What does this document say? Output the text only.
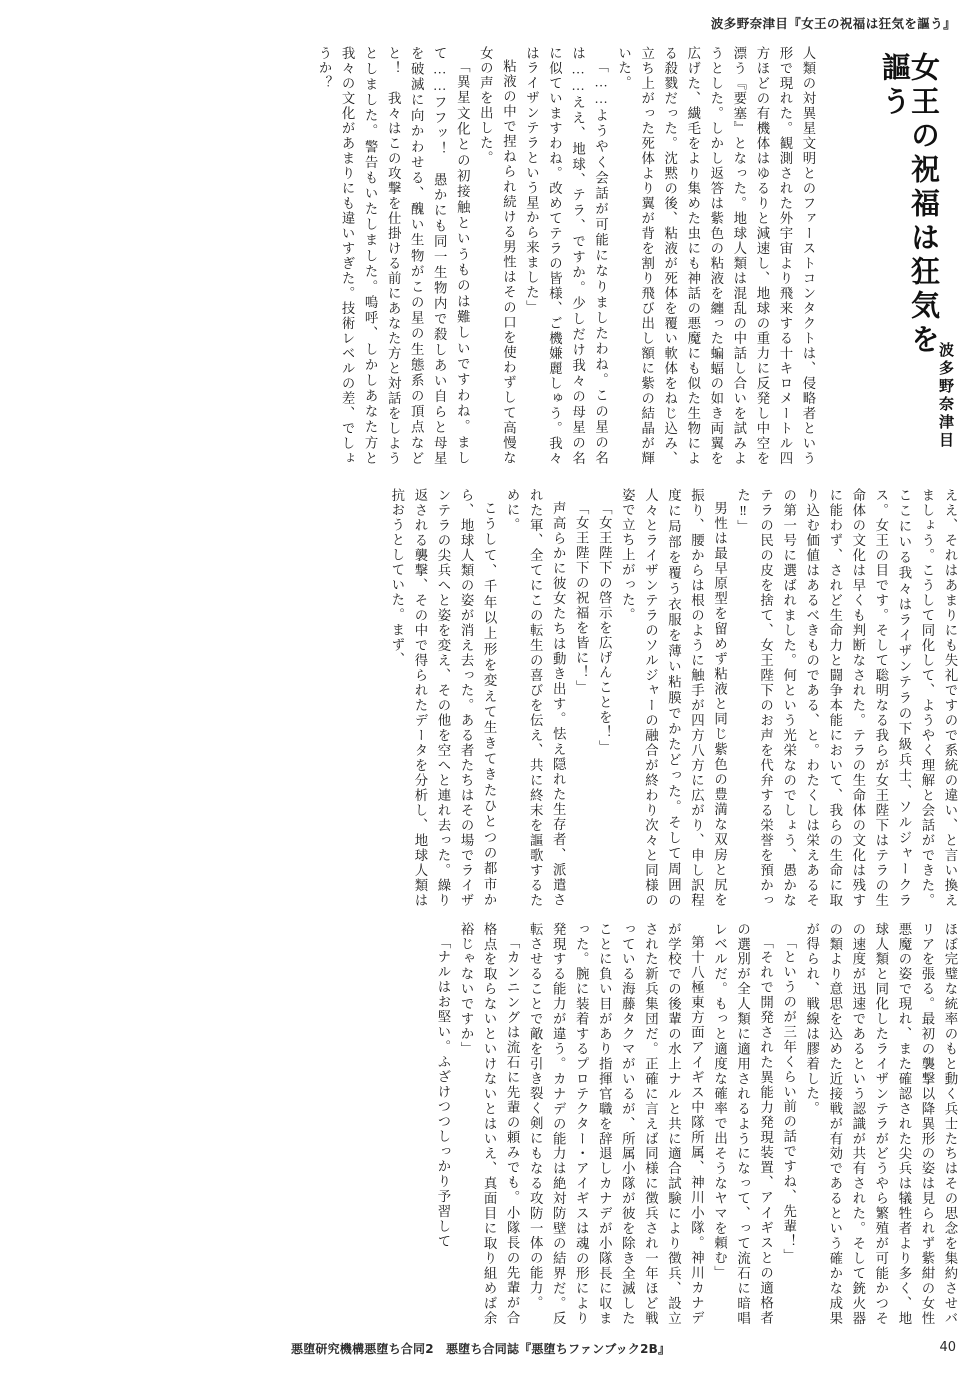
波多野奈津目『女王の祝福は狂気を謳う』
女王の祝福は狂気を謳う
波多野奈津目

人類の対異星文明とのファーストコンタクトは、侵略者という形で現れた。観測された外宇宙より飛来する十キロメートル四方ほどの有機体はゆるりと減速し、地球の重力に反発し中空を漂う『要塞』となった。地球人類は混乱の中話し合いを試みようとした。しかし返答は紫色の粘液を纏った蝙蝠の如き両翼を広げた、繊毛をより集めた虫にも神話の悪魔にも似た生物による殺戮だった。沈黙の後、粘液が死体を覆い軟体をねじ込み、立ち上がった死体より翼が背を割り飛び出し額に紫の結晶が輝いた。

「……ようやく会話が可能になりましたわね。この星の名は……ええ、地球、テラ、ですか。少しだけ我々の母星の名に似ていますわね。改めてテラの皆様、ご機嫌麗しゅう。我々はライザンテラという星から来ました」

粘液の中で捏ねられ続ける男性はその口を使わずして高慢な女の声を出した。

「異星文化との初接触というものは難しいですわね。まして……フフッ！　愚かにも同一生物内で殺しあい自らと母星を破滅に向かわせる、醜い生物がこの星の生態系の頂点などと！　我々はこの攻撃を仕掛ける前にあなた方と対話をしようとしました。警告もいたしました。嗚呼、しかしあなた方と我々の文化があまりにも違いすぎた。技術レベルの差、でしょうか？

ええ、それはあまりにも失礼ですので系統の違い、と言い換えましょう。こうして同化して、ようやく理解と会話ができた。ここにいる我々はライザンテラの下級兵士、ソルジャークラス。女王の目です。そして聡明なる我らが女王陛下はテラの生命体の文化は早くも判断なされた。テラの生命体の文化は残すに能わず、されど生命力と闘争本能において、我らの生命に取り込む価値はあるべきものである、と。わたくしは栄えあるその第一号に選ばれました。何という光栄なのでしょう、愚かなテラの民の皮を捨て、女王陛下のお声を代弁する栄誉を預かった‼」

男性は最早原型を留めず粘液と同じ紫色の豊満な双房と尻を振り、腰からは根のように触手が四方八方に広がり、申し訳程度に局部を覆う衣服を薄い粘膜でかたどった。そして周囲の人々とライザンテラのソルジャーの融合が終わり次々と同様の姿で立ち上がった。

「女王陛下の啓示を広げんことを！」

「女王陛下の祝福を皆に！」

声高らかに彼女たちは動き出す。怯え隠れた生存者、派遣された軍、全てにこの転生の喜びを伝え、共に終末を謳歌するために。

こうして、千年以上形を変えて生きてきたひとつの都市から、地球人類の姿が消え去った。ある者たちはその場でライザンテラの尖兵へと姿を変え、その他を空へと連れ去った。繰り返される襲撃、その中で得られたデータを分析し、地球人類は抗おうとしていた。まず、

ほぼ完璧な統率のもと動く兵士たちはその思念を集約させバリアを張る。最初の襲撃以降異形の姿は見られず紫紺の女性悪魔の姿で現れ、また確認された尖兵は犠牲者より多く、地球人類と同化したライザンテラがどうやら繁殖が可能かつその速度が迅速であるという認識が共有された。そして銃火器の類より意思を込めた近接戦が有効であるという確かな成果が得られ、戦線は膠着した。

「というのが三年くらい前の話ですね、先輩！」

「それで開発された異能力発現装置、アイギスとの適格者の選別が全人類に適用されるようになって、って流石に暗唱レベルだ。もっと適度な確率で出そうなヤマを頼む」

第十八極東方面アイギス中隊所属、神川小隊。神川カナデが学校での後輩の水上ナルと共に適合試験により徴兵、設立された新兵集団だ。正確に言えば同様に徴兵され一年ほど戦っている海藤タクマがいるが、所属小隊が彼を除き全滅したことに負い目があり指揮官職を辞退しカナデが小隊長に収まった。腕に装着するプロテクター・アイギスは魂の形により発現する能力が違う。カナデの能力は絶対防壁の結界だ。反転させることで敵を引き裂く剣にもなる攻防一体の能力。

「カンニングは流石に先輩の頼みでも。小隊長の先輩が合格点を取らないといけないとはいえ、真面目に取り組めば余裕じゃないですか」

「ナルはお堅い。ふざけつつしっかり予習して

悪堕研究機構悪堕ち合同2　悪堕ち合同誌『悪堕ちファンブック2B』	40
